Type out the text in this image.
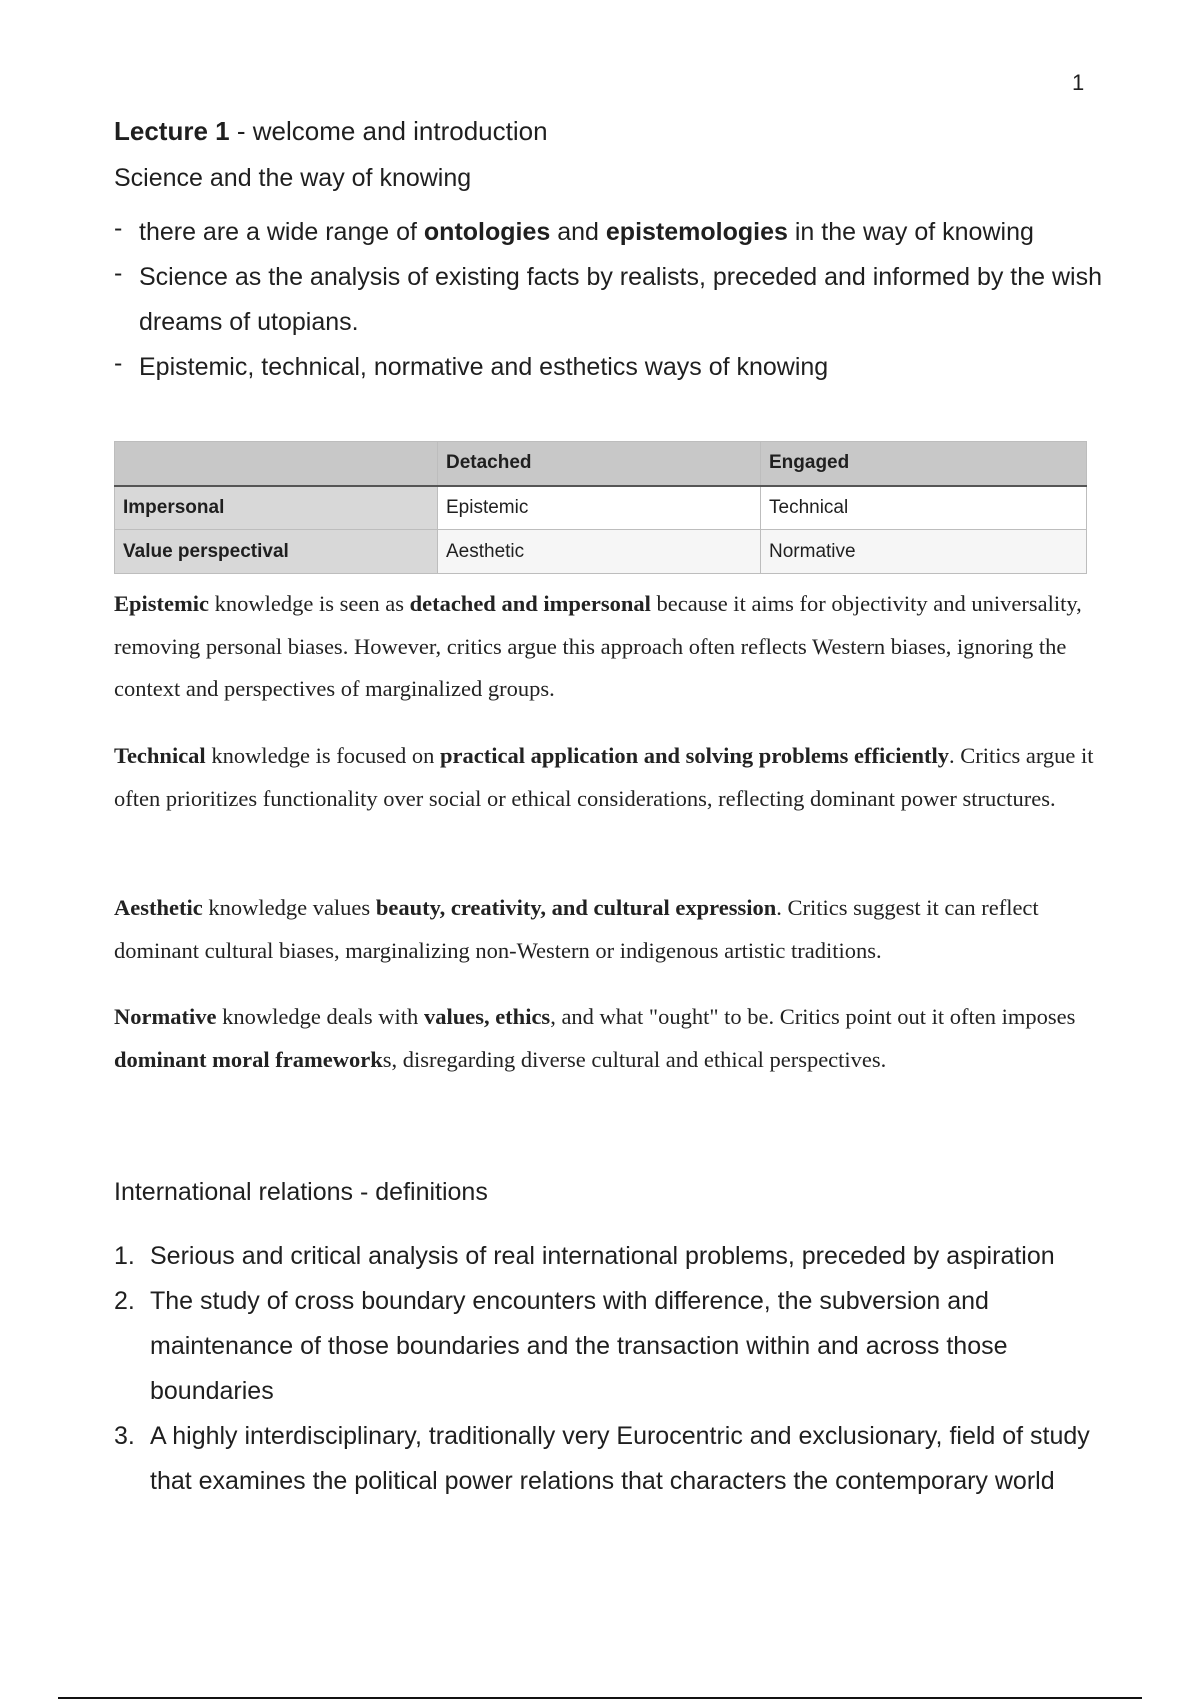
1
Lecture 1 - welcome and introduction
Science and the way of knowing
- there are a wide range of ontologies and epistemologies in the way of knowing
- Science as the analysis of existing facts by realists, preceded and informed by the wish dreams of utopians.
- Epistemic, technical, normative and esthetics ways of knowing
	Detached	Engaged
Impersonal	Epistemic	Technical
Value perspectival	Aesthetic	Normative

Epistemic knowledge is seen as detached and impersonal because it aims for objectivity and universality, removing personal biases. However, critics argue this approach often reflects Western biases, ignoring the context and perspectives of marginalized groups.

Technical knowledge is focused on practical application and solving problems efficiently. Critics argue it often prioritizes functionality over social or ethical considerations, reflecting dominant power structures.

Aesthetic knowledge values beauty, creativity, and cultural expression. Critics suggest it can reflect dominant cultural biases, marginalizing non-Western or indigenous artistic traditions.

Normative knowledge deals with values, ethics, and what "ought" to be. Critics point out it often imposes dominant moral frameworks, disregarding diverse cultural and ethical perspectives.

International relations - definitions
1. Serious and critical analysis of real international problems, preceded by aspiration
2. The study of cross boundary encounters with difference, the subversion and maintenance of those boundaries and the transaction within and across those boundaries
3. A highly interdisciplinary, traditionally very Eurocentric and exclusionary, field of study that examines the political power relations that characters the contemporary world
